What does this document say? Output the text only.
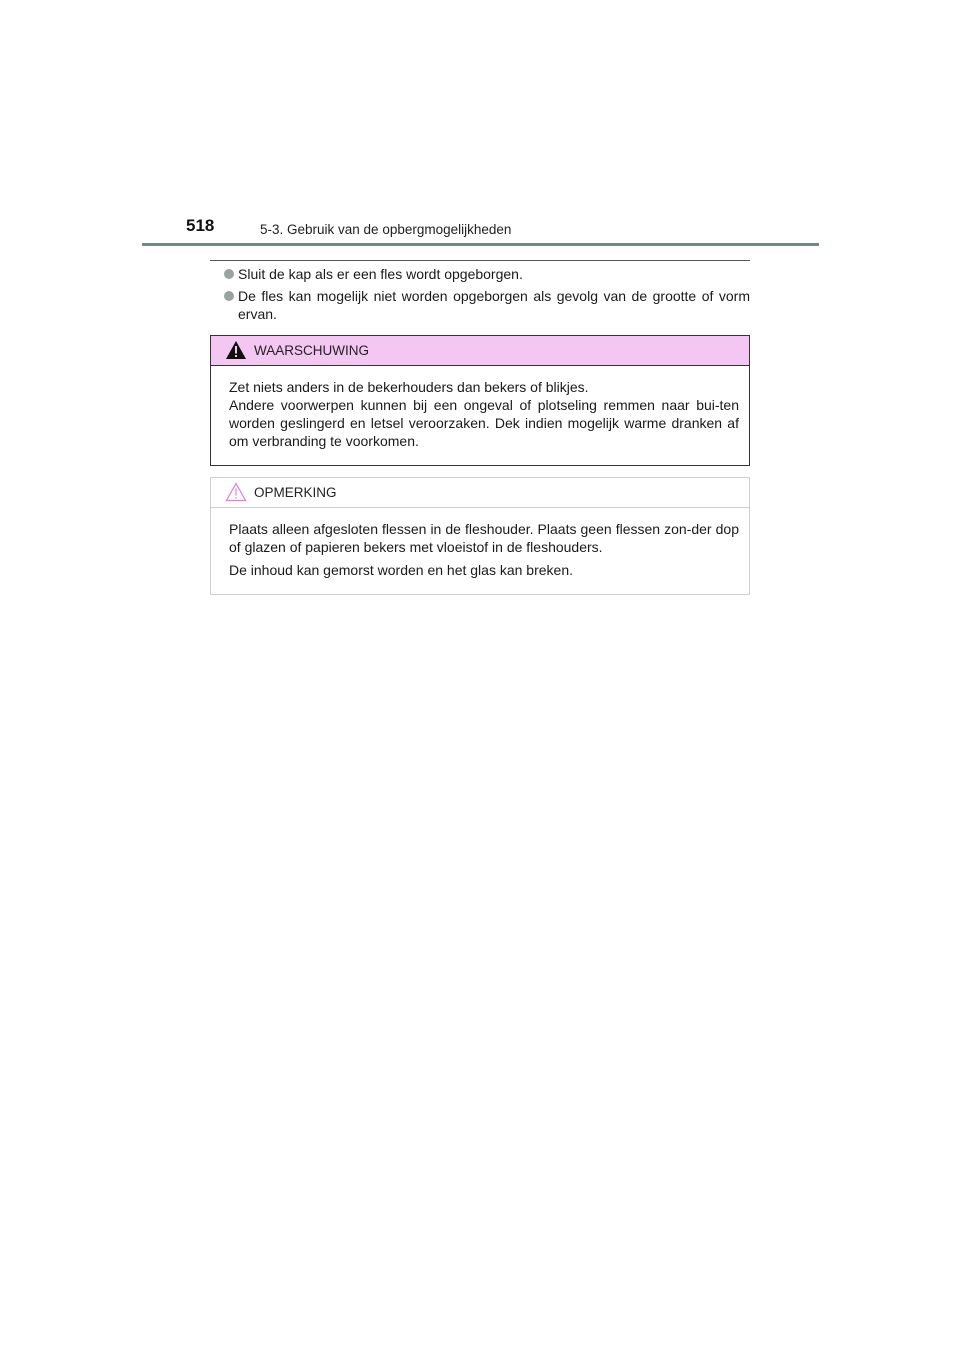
518	5-3. Gebruik van de opbergmogelijkheden
Sluit de kap als er een fles wordt opgeborgen.
De fles kan mogelijk niet worden opgeborgen als gevolg van de grootte of vorm ervan.
WAARSCHUWING
Zet niets anders in de bekerhouders dan bekers of blikjes.
Andere voorwerpen kunnen bij een ongeval of plotseling remmen naar bui-ten worden geslingerd en letsel veroorzaken. Dek indien mogelijk warme dranken af om verbranding te voorkomen.
OPMERKING

Plaats alleen afgesloten flessen in de fleshouder. Plaats geen flessen zon-der dop of glazen of papieren bekers met vloeistof in de fleshouders.

De inhoud kan gemorst worden en het glas kan breken.
